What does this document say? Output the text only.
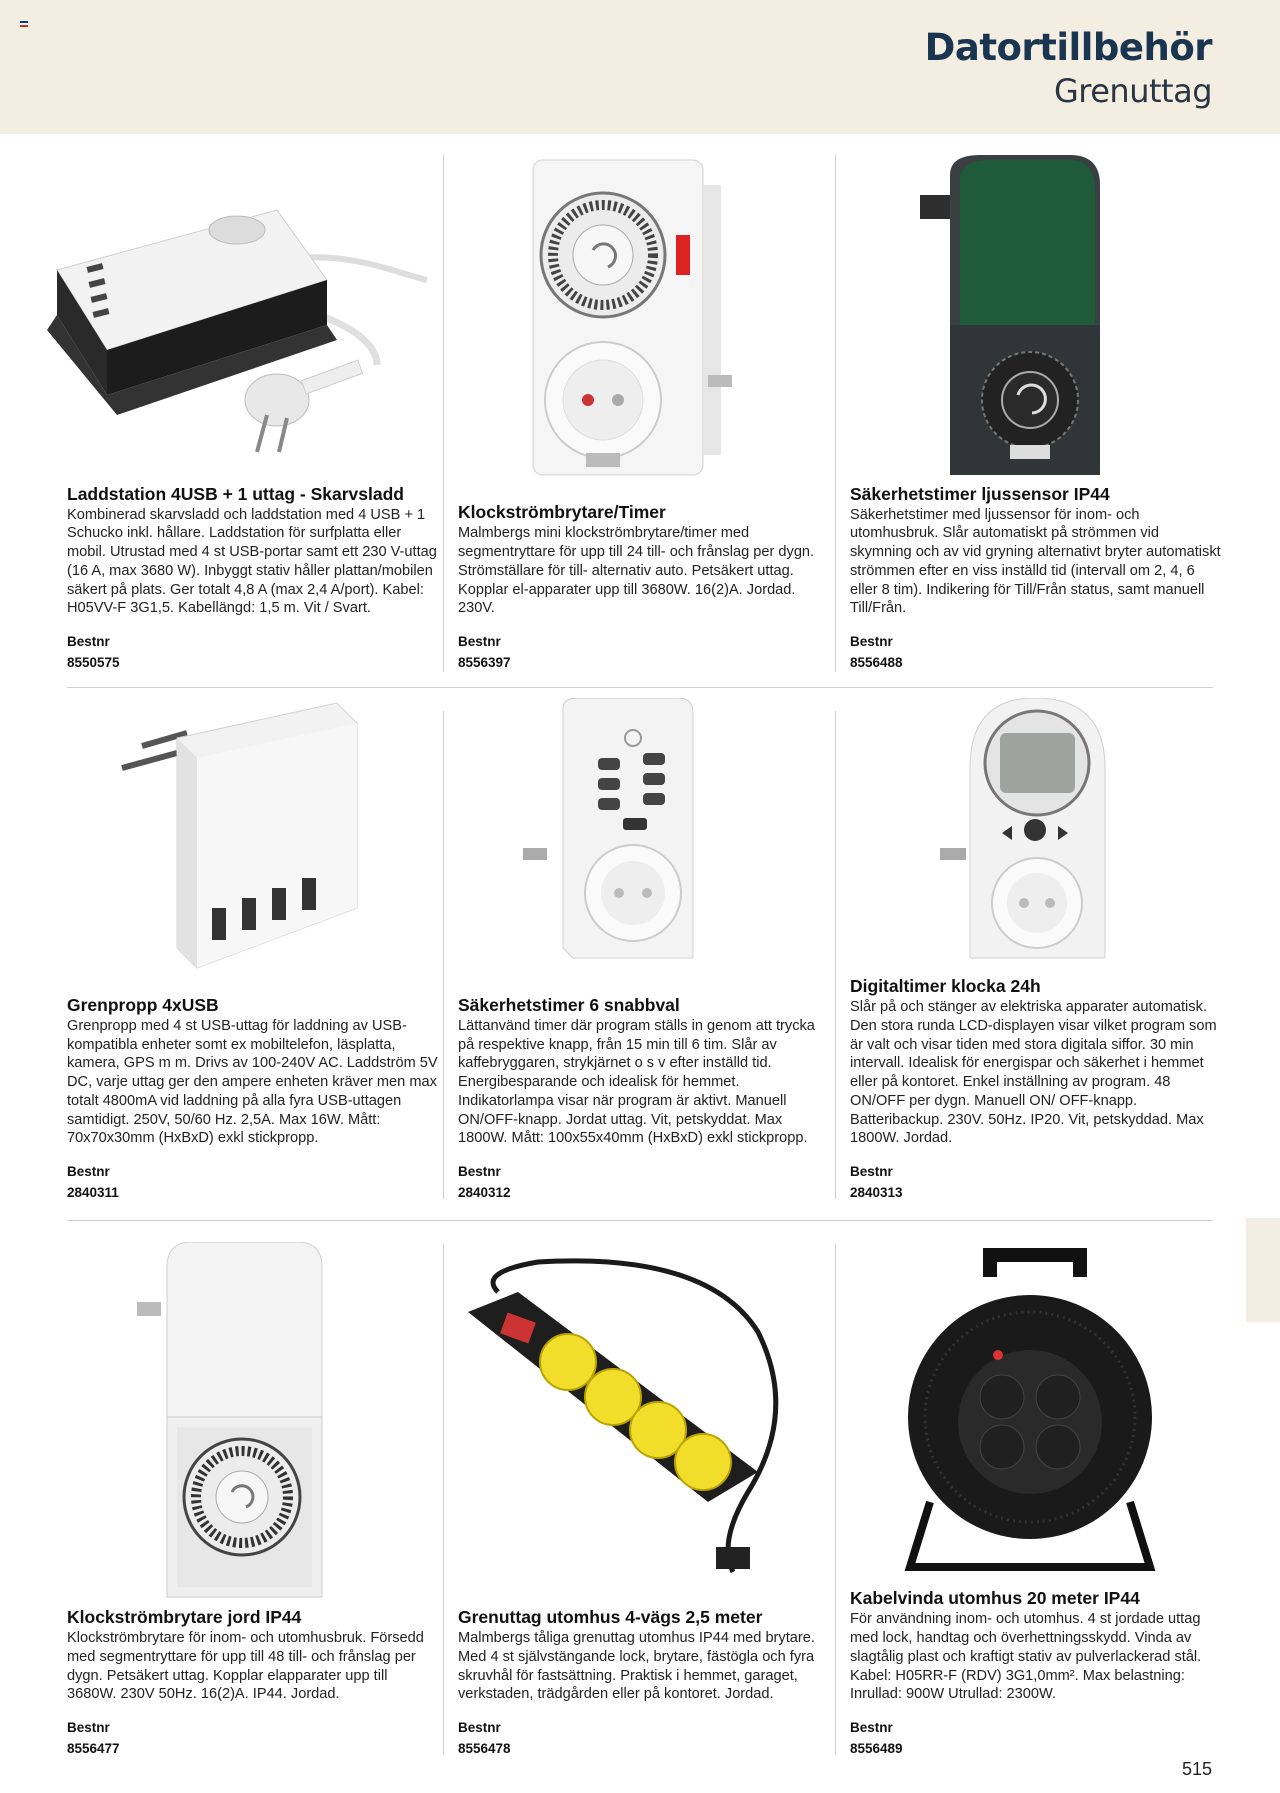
Datortillbehör
Grenuttag

Laddstation 4USB + 1 uttag - Skarvsladd

Kombinerad skarvsladd och laddstation med 4 USB + 1 Schucko inkl. hållare. Laddstation för surfplatta eller mobil. Utrustad med 4 st USB-portar samt ett 230 V-uttag (16 A, max 3680 W). Inbyggt stativ håller plattan/mobilen säkert på plats. Ger totalt 4,8 A (max 2,4 A/port). Kabel: H05VV-F 3G1,5. Kabellängd: 1,5 m. Vit / Svart.

Bestnr

8550575

Klockströmbrytare/Timer

Malmbergs mini klockströmbrytare/timer med segmentryttare för upp till 24 till- och frånslag per dygn. Strömställare för till- alternativ auto. Petsäkert uttag. Kopplar el-apparater upp till 3680W. 16(2)A. Jordad. 230V.

Bestnr

8556397

Säkerhetstimer ljussensor IP44

Säkerhetstimer med ljussensor för inom- och utomhusbruk. Slår automatiskt på strömmen vid skymning och av vid gryning alternativt bryter automatiskt strömmen efter en viss inställd tid (intervall om 2, 4, 6 eller 8 tim). Indikering för Till/Från status, samt manuell Till/Från.

Bestnr

8556488

Grenpropp 4xUSB

Grenpropp med 4 st USB-uttag för laddning av USB-kompatibla enheter somt ex mobiltelefon, läsplatta, kamera, GPS m m. Drivs av 100-240V AC. Laddström 5V DC, varje uttag ger den ampere enheten kräver men max totalt 4800mA vid laddning på alla fyra USB-uttagen samtidigt. 250V, 50/60 Hz. 2,5A. Max 16W. Mått: 70x70x30mm (HxBxD) exkl stickpropp.

Bestnr

2840311

Säkerhetstimer 6 snabbval

Lättanvänd timer där program ställs in genom att trycka på respektive knapp, från 15 min till 6 tim. Slår av kaffebryggaren, strykjärnet o s v efter inställd tid. Energibesparande och idealisk för hemmet. Indikatorlampa visar när program är aktivt. Manuell ON/OFF-knapp. Jordat uttag. Vit, petskyddat. Max 1800W. Mått: 100x55x40mm (HxBxD) exkl stickpropp.

Bestnr

2840312

Digitaltimer klocka 24h

Slår på och stänger av elektriska apparater automatisk. Den stora runda LCD-displayen visar vilket program som är valt och visar tiden med stora digitala siffor. 30 min intervall. Idealisk för energispar och säkerhet i hemmet eller på kontoret. Enkel inställning av program. 48 ON/OFF per dygn. Manuell ON/ OFF-knapp. Batteribackup. 230V. 50Hz. IP20. Vit, petskyddad. Max 1800W. Jordad.

Bestnr

2840313

Klockströmbrytare jord IP44

Klockströmbrytare för inom- och utomhusbruk. Försedd med segmentryttare för upp till 48 till- och frånslag per dygn. Petsäkert uttag. Kopplar elapparater upp till 3680W. 230V 50Hz. 16(2)A. IP44. Jordad.

Bestnr

8556477

Grenuttag utomhus 4-vägs 2,5 meter

Malmbergs tåliga grenuttag utomhus IP44 med brytare. Med 4 st självstängande lock, brytare, fästögla och fyra skruvhål för fastsättning. Praktisk i hemmet, garaget, verkstaden, trädgården eller på kontoret. Jordad.

Bestnr

8556478

Kabelvinda utomhus 20 meter IP44

För användning inom- och utomhus. 4 st jordade uttag med lock, handtag och överhettningsskydd. Vinda av slagtålig plast och kraftigt stativ av pulverlackerad stål. Kabel: H05RR-F (RDV) 3G1,0mm². Max belastning: Inrullad: 900W Utrullad: 2300W.

Bestnr

8556489

515
